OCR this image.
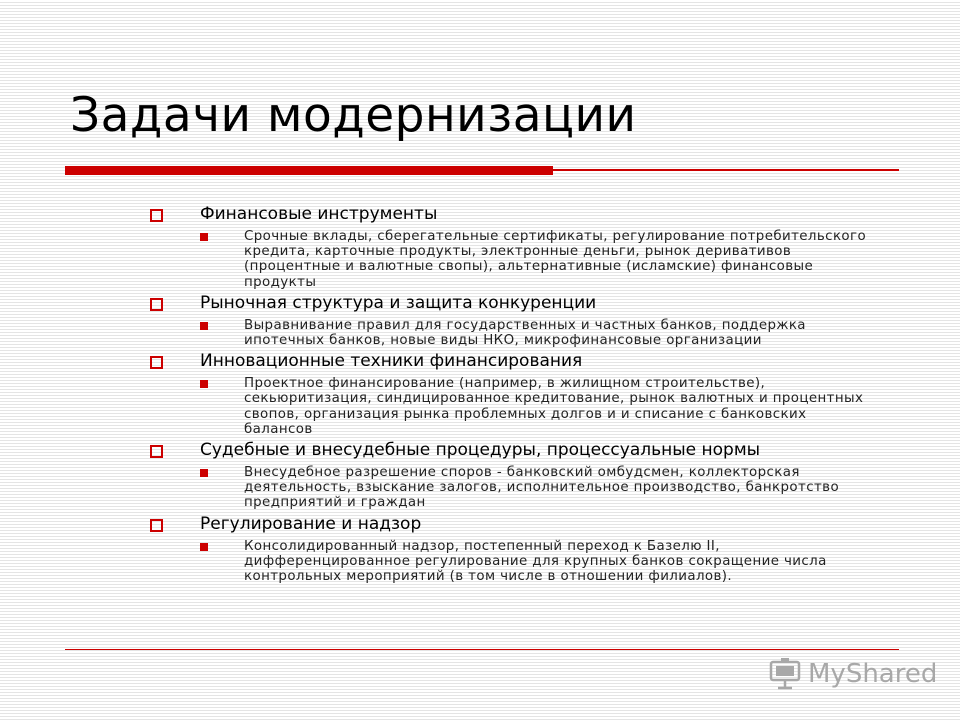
Задачи модернизации
Финансовые инструменты
Срочные вклады, сберегательные сертификаты, регулирование потребительского кредита, карточные продукты, электронные деньги, рынок деривативов (процентные и валютные свопы), альтернативные (исламские) финансовые продукты
Рыночная структура и защита конкуренции
Выравнивание правил для государственных и частных банков, поддержка ипотечных банков, новые виды НКО, микрофинансовые организации
Инновационные техники финансирования
Проектное финансирование (например, в жилищном строительстве), секьюритизация, синдицированное кредитование, рынок валютных и процентных свопов, организация рынка проблемных долгов и и списание с банковских балансов
Судебные и внесудебные процедуры, процессуальные нормы
Внесудебное разрешение споров - банковский омбудсмен, коллекторская деятельность, взыскание залогов, исполнительное производство, банкротство предприятий и граждан
Регулирование и надзор
Консолидированный надзор, постепенный переход к Базелю II, дифференцированное регулирование для крупных банков сокращение числа контрольных мероприятий (в том числе в отношении филиалов).
MyShared
